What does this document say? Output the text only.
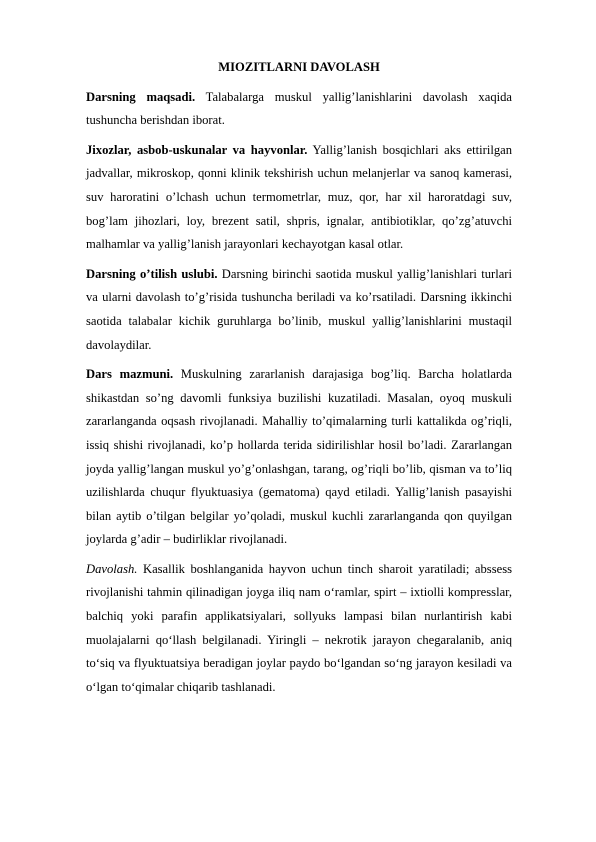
MIOZITLARNI DAVOLASH

Darsning maqsadi. Talabalarga muskul yallig’lanishlarini davolash xaqida tushuncha berishdan iborat.

Jixozlar, asbob-uskunalar va hayvonlar. Yallig’lanish bosqichlari aks ettirilgan jadvallar, mikroskop, qonni klinik tekshirish uchun melanjerlar va sanoq kamerasi, suv haroratini o’lchash uchun termometrlar, muz, qor, har xil haroratdagi suv, bog’lam jihozlari, loy, brezent satil, shpris, ignalar, antibiotiklar, qo’zg’atuvchi malhamlar va yallig’lanish jarayonlari kechayotgan kasal otlar.

Darsning o’tilish uslubi. Darsning birinchi saotida muskul yallig’lanishlari turlari va ularni davolash to’g’risida tushuncha beriladi va ko’rsatiladi. Darsning ikkinchi saotida talabalar kichik guruhlarga bo’linib, muskul yallig’lanishlarini mustaqil davolaydilar.

Dars mazmuni. Muskulning zararlanish darajasiga bog’liq. Barcha holatlarda shikastdan so’ng davomli funksiya buzilishi kuzatiladi. Masalan, oyoq muskuli zararlanganda oqsash rivojlanadi. Mahalliy to’qimalarning turli kattalikda og’riqli, issiq shishi rivojlanadi, ko’p hollarda terida sidirilishlar hosil bo’ladi. Zararlangan joyda yallig’langan muskul yo’g’onlashgan, tarang, og’riqli bo’lib, qisman va to’liq uzilishlarda chuqur flyuktuasiya (gematoma) qayd etiladi. Yallig’lanish pasayishi bilan aytib o’tilgan belgilar yo’qoladi, muskul kuchli zararlanganda qon quyilgan joylarda g’adir – budirliklar rivojlanadi.

Davolash. Kasallik boshlanganida hayvon uchun tinch sharoit yaratiladi; abssess rivojlanishi tahmin qilinadigan joyga iliq nam o‘ramlar, spirt – ixtiolli kompresslar, balchiq yoki parafin applikatsiyalari, sollyuks lampasi bilan nurlantirish kabi muolajalarni qo‘llash belgilanadi. Yiringli – nekrotik jarayon chegaralanib, aniq to‘siq va flyuktuatsiya beradigan joylar paydo bo‘lgandan so‘ng jarayon kesiladi va o‘lgan to‘qimalar chiqarib tashlanadi.
